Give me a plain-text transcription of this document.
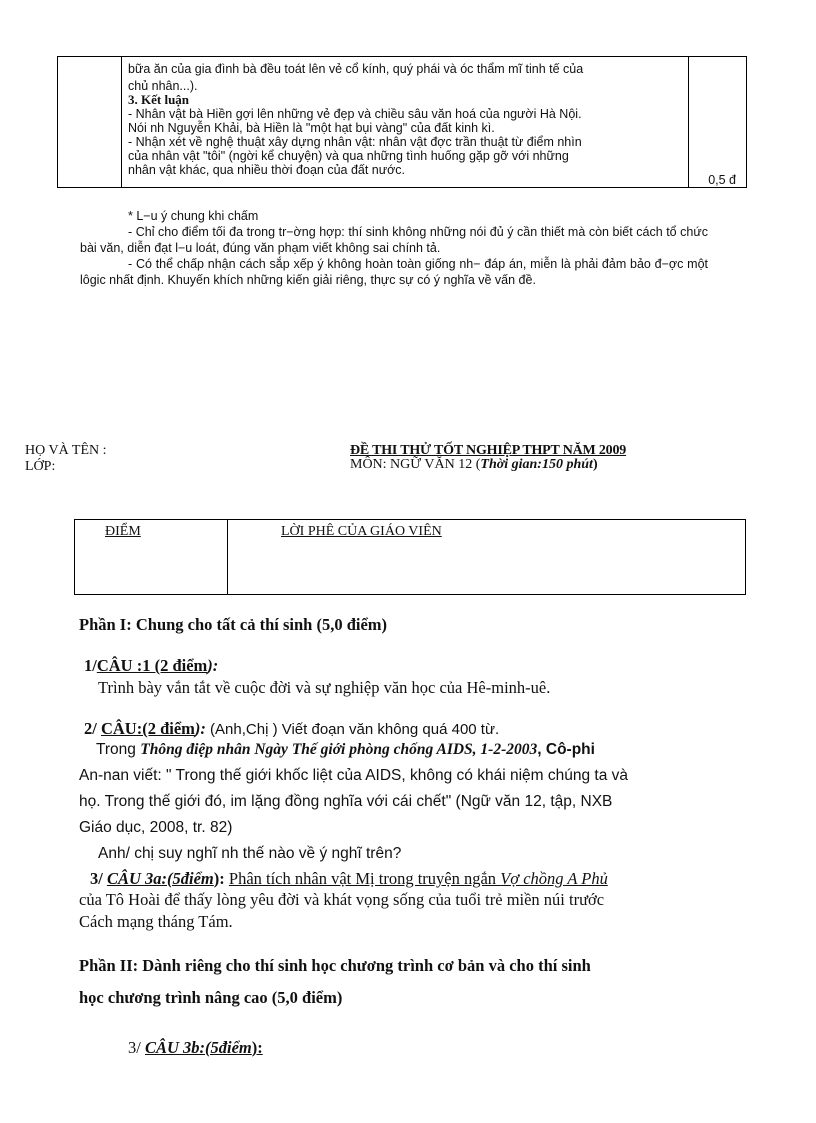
bữa ăn của gia đình bà đều toát lên vẻ cổ kính, quý phái và óc thẩm mĩ tinh tế của

chủ nhân...).

3. Kết luận

- Nhân vật bà Hiền gợi lên những vẻ đẹp và chiều sâu văn hoá của người Hà Nội.

Nói nh Nguyễn Khải, bà Hiền là "một hạt bụi vàng" của đất kinh kì.

- Nhận xét về nghệ thuật xây dựng nhân vật: nhân vật đợc trần thuật từ điểm nhìn

của nhân vật "tôi" (ngời kể chuyện) và qua những tình huống gặp gỡ với những

nhân vật khác, qua nhiều thời đoạn của đất nước.

0,5 đ

* L−u ý chung khi chấm

- Chỉ cho điểm tối đa trong tr−ờng hợp: thí sinh không những nói đủ ý cần thiết mà còn biết cách tổ chức bài văn, diễn đạt l−u loát, đúng văn phạm viết không sai chính tả.

- Có thể chấp nhận cách sắp xếp ý không hoàn toàn giống nh− đáp án, miễn là phải đảm bảo đ−ợc một lôgic nhất định. Khuyến khích những kiến giải riêng, thực sự có ý nghĩa về vấn đề.

HỌ VÀ TÊN :
LỚP:
ĐỀ THI THỬ TỐT NGHIỆP THPT NĂM 2009
MÔN: NGỮ VĂN 12 (Thời gian:150 phút)
ĐIỂM	LỜI PHÊ CỦA GIÁO VIÊN
Phần I: Chung cho tất cả thí sinh (5,0 điểm)
1/CÂU :1 (2 điểm):
Trình bày vắn tắt về cuộc đời và sự nghiệp văn học của Hê-minh-uê.
2/ CÂU:(2 điểm): (Anh,Chị ) Viết đoạn văn không quá 400 từ.
Trong Thông điệp nhân Ngày Thế giới phòng chống AIDS, 1-2-2003, Cô-phi
An-nan viết: " Trong thế giới khốc liệt của AIDS, không có khái niệm chúng ta và
họ. Trong thế giới đó, im lặng đồng nghĩa với cái chết" (Ngữ văn 12, tập, NXB
Giáo dục, 2008, tr. 82)
Anh/ chị suy nghĩ nh thế nào về ý nghĩ trên?
3/ CÂU 3a:(5điểm): Phân tích nhân vật Mị trong truyện ngắn Vợ chồng A Phủ
của Tô Hoài để thấy lòng yêu đời và khát vọng sống của tuổi trẻ miền núi trước
Cách mạng tháng Tám.
Phần II: Dành riêng cho thí sinh học chương trình cơ bản và cho thí sinh
học chương trình nâng cao (5,0 điểm)
3/ CÂU 3b:(5điểm):
